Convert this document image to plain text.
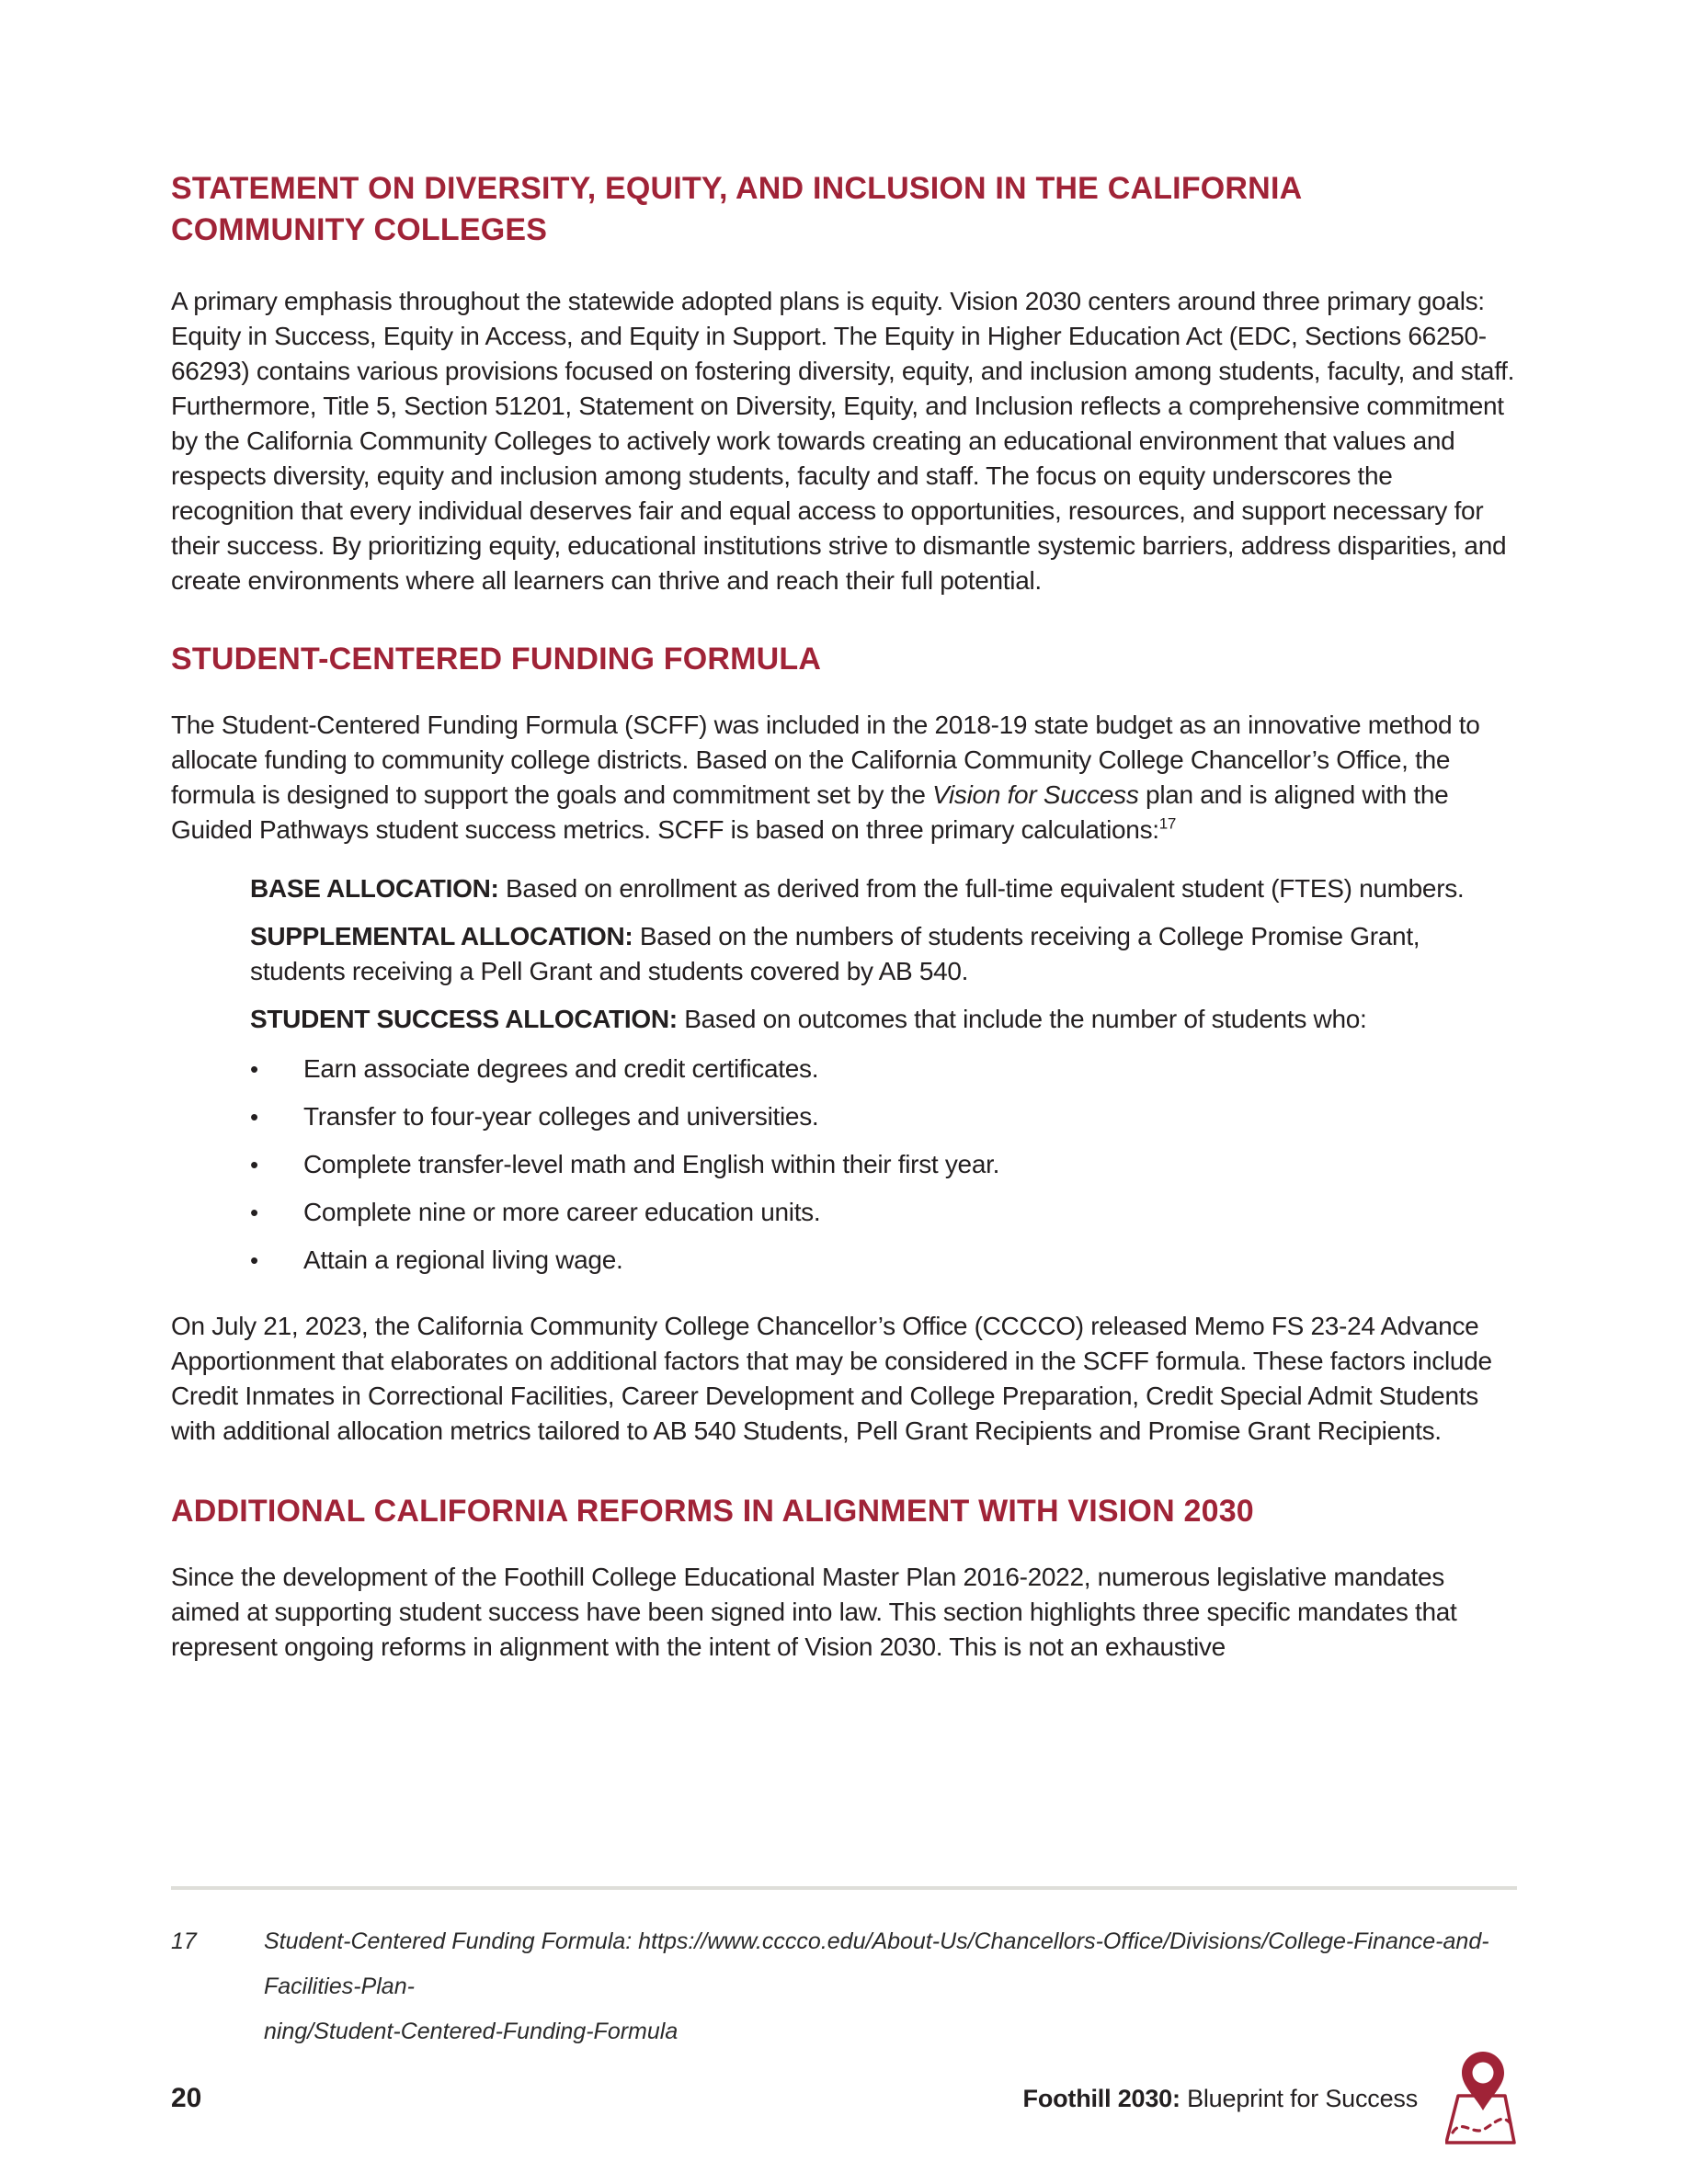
STATEMENT ON DIVERSITY, EQUITY, AND INCLUSION IN THE CALIFORNIA COMMUNITY COLLEGES

A primary emphasis throughout the statewide adopted plans is equity. Vision 2030 centers around three primary goals: Equity in Success, Equity in Access, and Equity in Support. The Equity in Higher Education Act (EDC, Sections 66250-66293) contains various provisions focused on fostering diversity, equity, and inclusion among students, faculty, and staff. Furthermore, Title 5, Section 51201, Statement on Diversity, Equity, and Inclusion reflects a comprehensive commitment by the California Community Colleges to actively work towards creating an educational environment that values and respects diversity, equity and inclusion among students, faculty and staff. The focus on equity underscores the recognition that every individual deserves fair and equal access to opportunities, resources, and support necessary for their success. By prioritizing equity, educational institutions strive to dismantle systemic barriers, address disparities, and create environments where all learners can thrive and reach their full potential.

STUDENT-CENTERED FUNDING FORMULA

The Student-Centered Funding Formula (SCFF) was included in the 2018-19 state budget as an innovative method to allocate funding to community college districts. Based on the California Community College Chancellor’s Office, the formula is designed to support the goals and commitment set by the Vision for Success plan and is aligned with the Guided Pathways student success metrics. SCFF is based on three primary calculations:$^{17}$

BASE ALLOCATION: Based on enrollment as derived from the full-time equivalent student (FTES) numbers.

SUPPLEMENTAL ALLOCATION: Based on the numbers of students receiving a College Promise Grant, students receiving a Pell Grant and students covered by AB 540.

STUDENT SUCCESS ALLOCATION: Based on outcomes that include the number of students who:

• Earn associate degrees and credit certificates.
• Transfer to four-year colleges and universities.
• Complete transfer-level math and English within their first year.
• Complete nine or more career education units.
• Attain a regional living wage.

On July 21, 2023, the California Community College Chancellor’s Office (CCCCO) released Memo FS 23-24 Advance Apportionment that elaborates on additional factors that may be considered in the SCFF formula. These factors include Credit Inmates in Correctional Facilities, Career Development and College Preparation, Credit Special Admit Students with additional allocation metrics tailored to AB 540 Students, Pell Grant Recipients and Promise Grant Recipients.

ADDITIONAL CALIFORNIA REFORMS IN ALIGNMENT WITH VISION 2030

Since the development of the Foothill College Educational Master Plan 2016-2022, numerous legislative mandates aimed at supporting student success have been signed into law. This section highlights three specific mandates that represent ongoing reforms in alignment with the intent of Vision 2030. This is not an exhaustive

17	Student-Centered Funding Formula: https://www.cccco.edu/About-Us/Chancellors-Office/Divisions/College-Finance-and-Facilities-Plan-
ning/Student-Centered-Funding-Formula
20	Foothill 2030: Blueprint for Success
